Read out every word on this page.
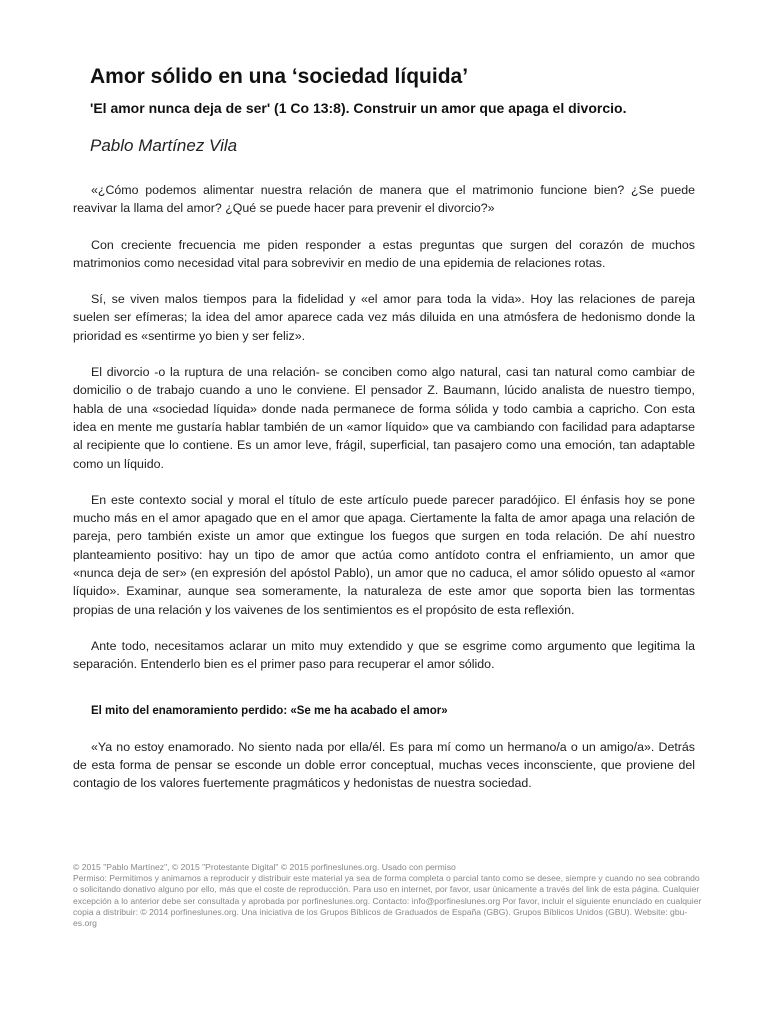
Amor sólido en una ‘sociedad líquida’
'El amor nunca deja de ser' (1 Co 13:8). Construir un amor que apaga el divorcio.
Pablo Martínez Vila

«¿Cómo podemos alimentar nuestra relación de manera que el matrimonio funcione bien? ¿Se puede reavivar la llama del amor? ¿Qué se puede hacer para prevenir el divorcio?»

Con creciente frecuencia me piden responder a estas preguntas que surgen del corazón de muchos matrimonios como necesidad vital para sobrevivir en medio de una epidemia de relaciones rotas.

Sí, se viven malos tiempos para la fidelidad y «el amor para toda la vida». Hoy las relaciones de pareja suelen ser efímeras; la idea del amor aparece cada vez más diluida en una atmósfera de hedonismo donde la prioridad es «sentirme yo bien y ser feliz».

El divorcio -o la ruptura de una relación- se conciben como algo natural, casi tan natural como cambiar de domicilio o de trabajo cuando a uno le conviene. El pensador Z. Baumann, lúcido analista de nuestro tiempo, habla de una «sociedad líquida» donde nada permanece de forma sólida y todo cambia a capricho. Con esta idea en mente me gustaría hablar también de un «amor líquido» que va cambiando con facilidad para adaptarse al recipiente que lo contiene. Es un amor leve, frágil, superficial, tan pasajero como una emoción, tan adaptable como un líquido.

En este contexto social y moral el título de este artículo puede parecer paradójico. El énfasis hoy se pone mucho más en el amor apagado que en el amor que apaga. Ciertamente la falta de amor apaga una relación de pareja, pero también existe un amor que extingue los fuegos que surgen en toda relación. De ahí nuestro planteamiento positivo: hay un tipo de amor que actúa como antídoto contra el enfriamiento, un amor que «nunca deja de ser» (en expresión del apóstol Pablo), un amor que no caduca, el amor sólido opuesto al «amor líquido». Examinar, aunque sea someramente, la naturaleza de este amor que soporta bien las tormentas propias de una relación y los vaivenes de los sentimientos es el propósito de esta reflexión.

Ante todo, necesitamos aclarar un mito muy extendido y que se esgrime como argumento que legitima la separación. Entenderlo bien es el primer paso para recuperar el amor sólido.

El mito del enamoramiento perdido: «Se me ha acabado el amor»

«Ya no estoy enamorado. No siento nada por ella/él. Es para mí como un hermano/a o un amigo/a». Detrás de esta forma de pensar se esconde un doble error conceptual, muchas veces inconsciente, que proviene del contagio de los valores fuertemente pragmáticos y hedonistas de nuestra sociedad.

© 2015 "Pablo Martínez", © 2015 "Protestante Digital" © 2015 porfineslunes.org. Usado con permiso

Permiso: Permitimos y animamos a reproducir y distribuir este material ya sea de forma completa o parcial tanto como se desee, siempre y cuando no sea cobrando o solicitando donativo alguno por ello, más que el coste de reproducción. Para uso en internet, por favor, usar únicamente a través del link de esta página. Cualquier excepción a lo anterior debe ser consultada y aprobada por porfineslunes.org. Contacto: info@porfineslunes.org Por favor, incluir el siguiente enunciado en cualquier copia a distribuir: © 2014 porfineslunes.org. Una iniciativa de los Grupos Bíblicos de Graduados de España (GBG). Grupos Bíblicos Unidos (GBU). Website: gbu-es.org
